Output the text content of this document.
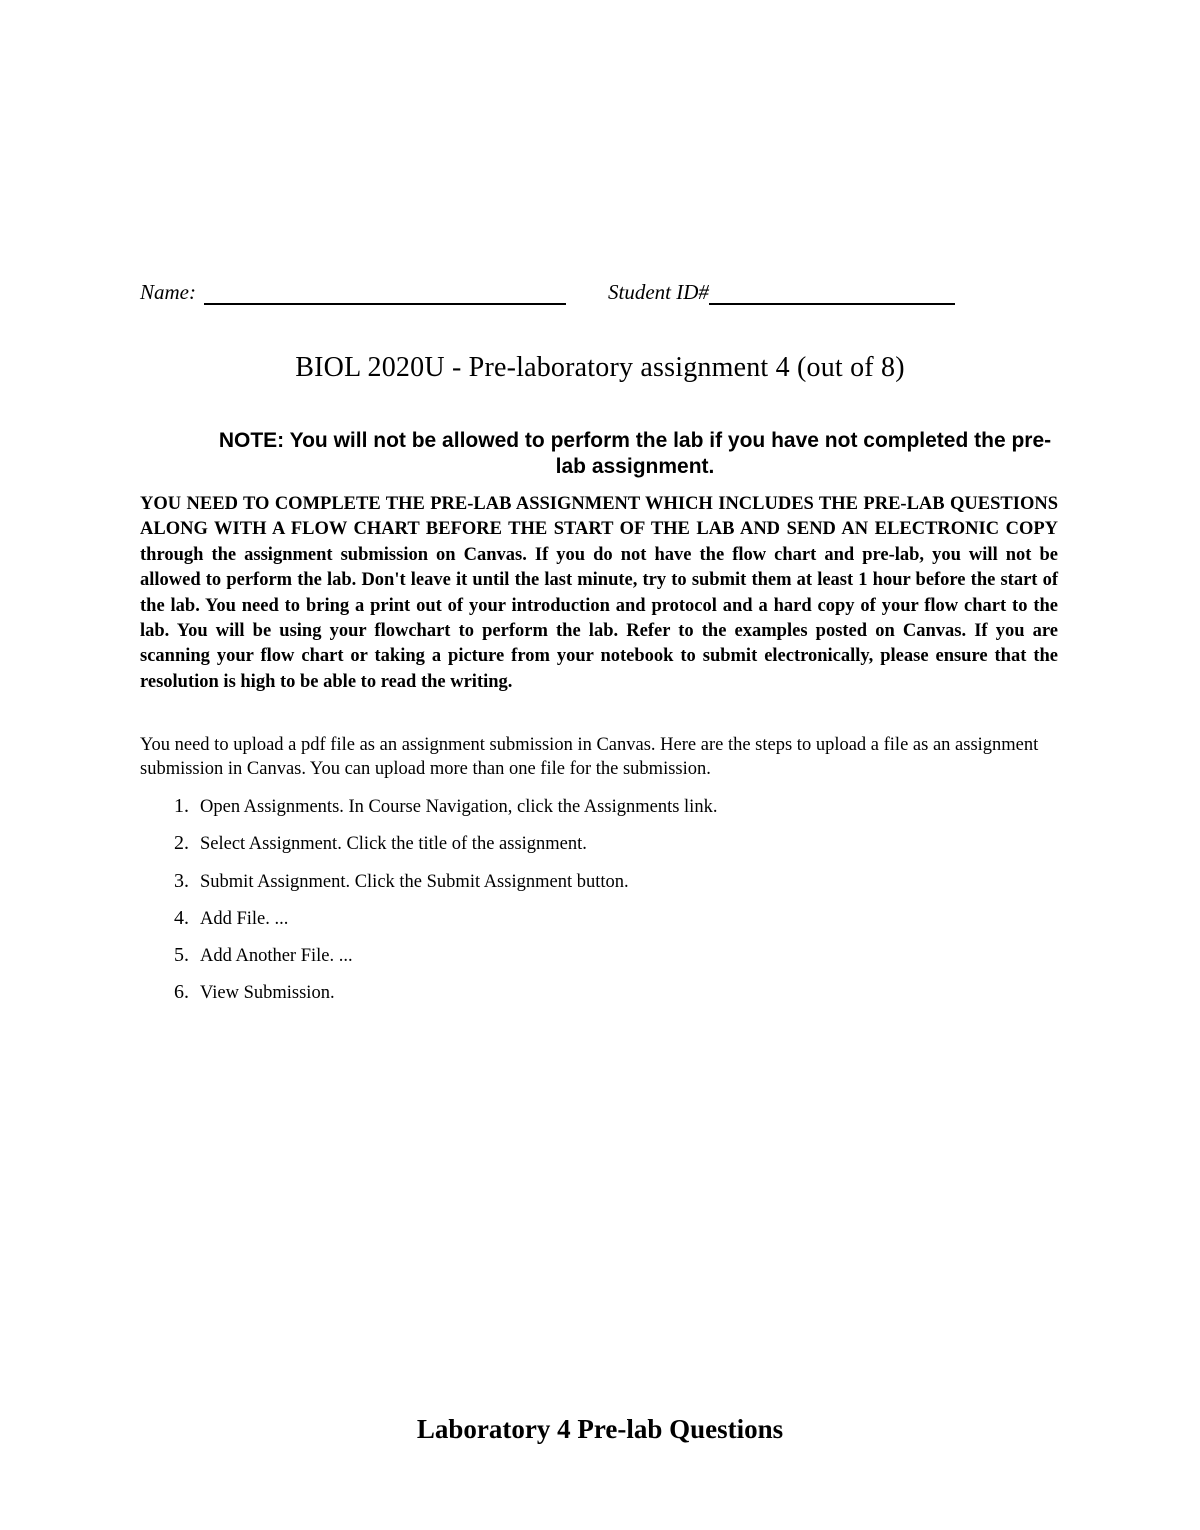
Name:	Student ID#
BIOL 2020U - Pre-laboratory assignment 4 (out of 8)
NOTE: You will not be allowed to perform the lab if you have not completed the pre-lab assignment.
YOU NEED TO COMPLETE THE PRE-LAB ASSIGNMENT WHICH INCLUDES THE PRE-LAB QUESTIONS ALONG WITH A FLOW CHART BEFORE THE START OF THE LAB AND SEND AN ELECTRONIC COPY through the assignment submission on Canvas. If you do not have the flow chart and pre-lab, you will not be allowed to perform the lab. Don't leave it until the last minute, try to submit them at least 1 hour before the start of the lab. You need to bring a print out of your introduction and protocol and a hard copy of your flow chart to the lab. You will be using your flowchart to perform the lab. Refer to the examples posted on Canvas. If you are scanning your flow chart or taking a picture from your notebook to submit electronically, please ensure that the resolution is high to be able to read the writing.
You need to upload a pdf file as an assignment submission in Canvas. Here are the steps to upload a file as an assignment submission in Canvas. You can upload more than one file for the submission.
1. Open Assignments. In Course Navigation, click the Assignments link.
2. Select Assignment. Click the title of the assignment.
3. Submit Assignment. Click the Submit Assignment button.
4. Add File. ...
5. Add Another File. ...
6. View Submission.
Laboratory 4 Pre-lab Questions
